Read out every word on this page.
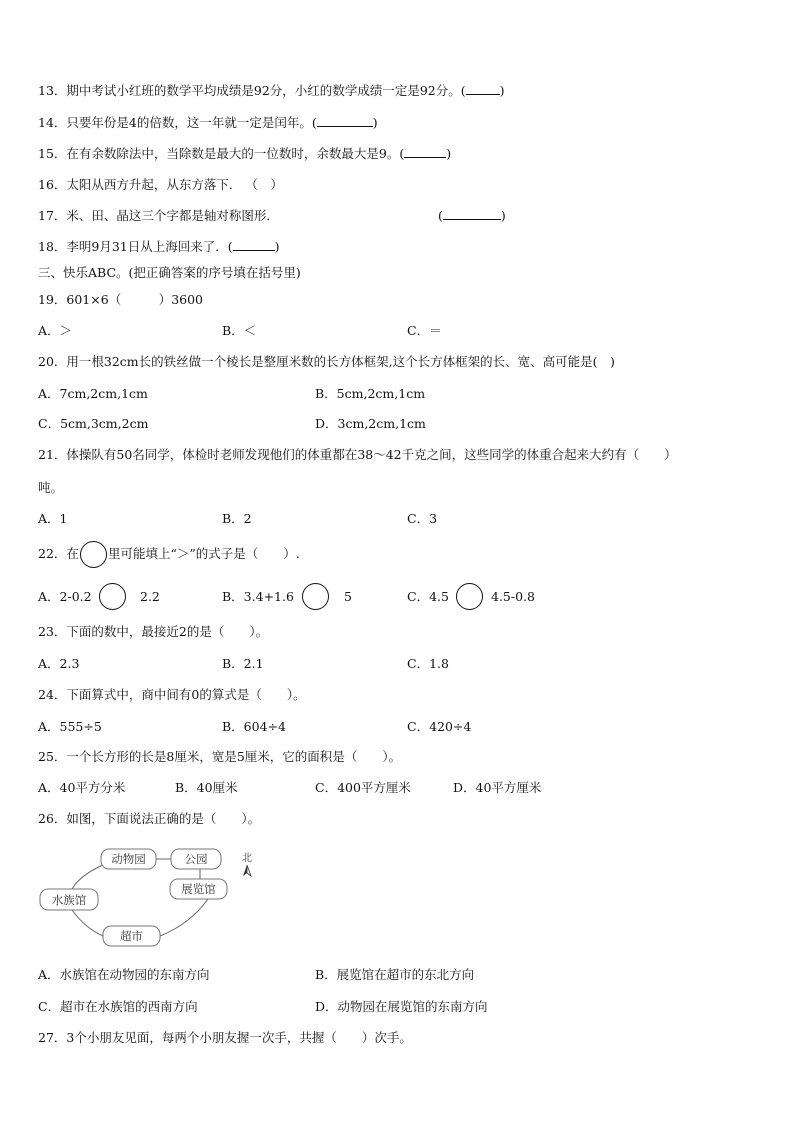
13．期中考试小红班的数学平均成绩是92分，小红的数学成绩一定是92分。(	)
14．只要年份是4的倍数，这一年就一定是闰年。(	)
15．在有余数除法中，当除数是最大的一位数时，余数最大是9。(	)
16．太阳从西方升起，从东方落下． （　）
17．米、田、晶这三个字都是轴对称图形．	(	)
18．李明9月31日从上海回来了．(	)
三、快乐ABC。(把正确答案的序号填在括号里)
19．601×6（　　　）3600
A．＞	B．＜	C．＝
20．用一根32cm长的铁丝做一个棱长是整厘米数的长方体框架,这个长方体框架的长、宽、高可能是(　)
A．7cm,2cm,1cm	B．5cm,2cm,1cm
C．5cm,3cm,2cm	D．3cm,2cm,1cm
21．体操队有50名同学，体检时老师发现他们的体重都在38～42千克之间，这些同学的体重合起来大约有（　　）
吨。
A．1	B．2	C．3
22．在 里可能填上“＞”的式子是（　　）.
A．2-0.2	2.2	B．3.4+1.6	5	C．4.5	4.5-0.8
23．下面的数中，最接近2的是（　　）。
A．2.3	B．2.1	C．1.8
24．下面算式中，商中间有0的算式是（　　）。
A．555÷5	B．604÷4	C．420÷4
25．一个长方形的长是8厘米，宽是5厘米，它的面积是（　　）。
A．40平方分米	B．40厘米	C．400平方厘米	D．40平方厘米
26．如图，下面说法正确的是（　　）。
动物园	公园
展览馆
水族馆
超市
北
A．水族馆在动物园的东南方向	B．展览馆在超市的东北方向
C．超市在水族馆的西南方向	D．动物园在展览馆的东南方向
27．3个小朋友见面，每两个小朋友握一次手，共握（　　）次手。
